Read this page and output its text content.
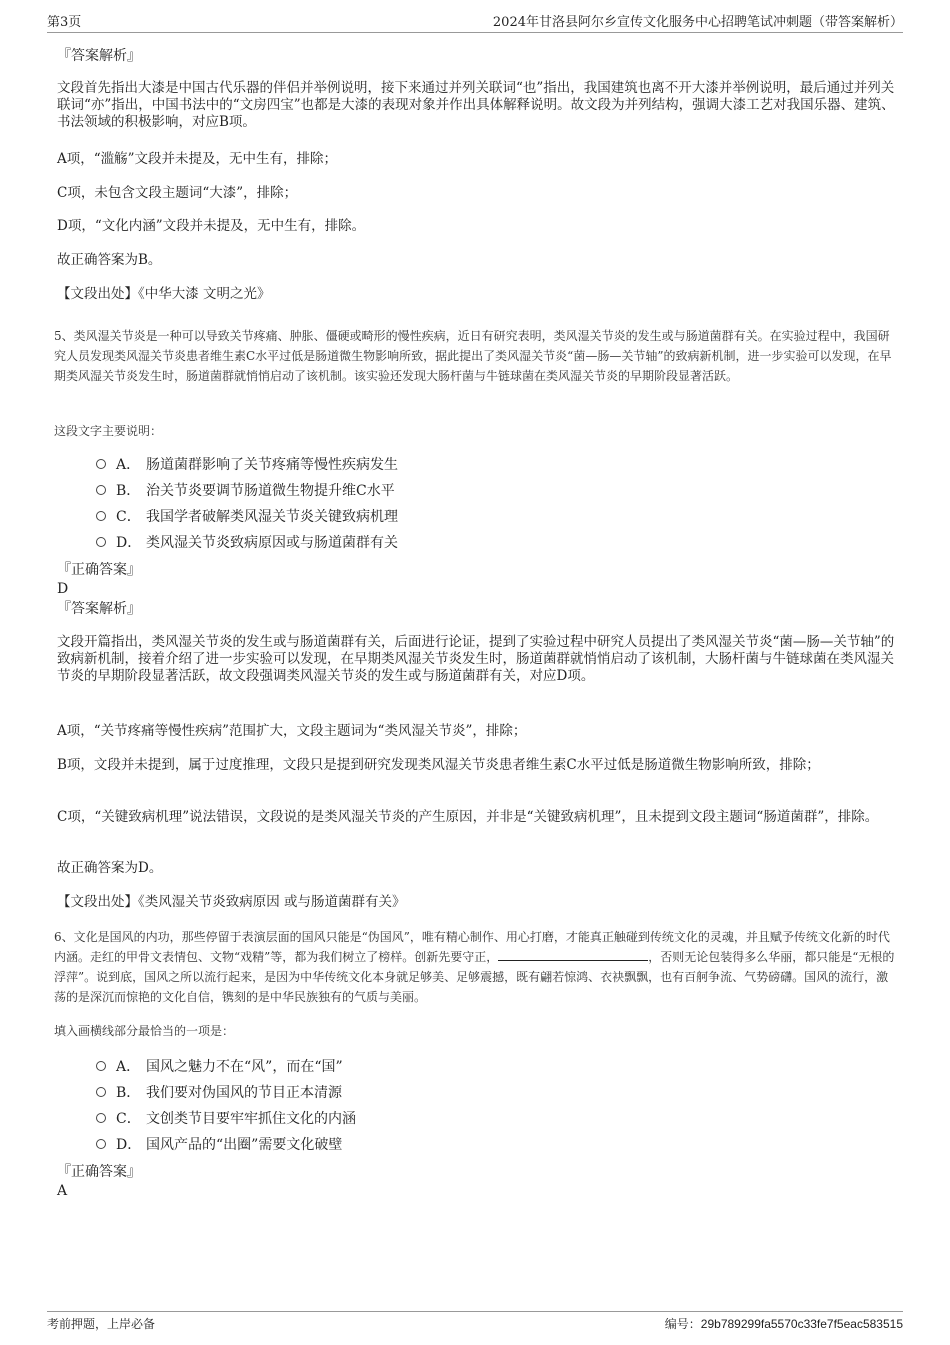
第3页	2024年甘洛县阿尔乡宣传文化服务中心招聘笔试冲刺题（带答案解析）
『答案解析』
文段首先指出大漆是中国古代乐器的伴侣并举例说明，接下来通过并列关联词“也”指出，我国建筑也离不开大漆并举例说明，最后通过并列关联词“亦”指出，中国书法中的“文房四宝”也都是大漆的表现对象并作出具体解释说明。故文段为并列结构，强调大漆工艺对我国乐器、建筑、书法领域的积极影响，对应B项。
A项，“滥觞”文段并未提及，无中生有，排除；
C项，未包含文段主题词“大漆”，排除；
D项，“文化内涵”文段并未提及，无中生有，排除。
故正确答案为B。
【文段出处】《中华大漆 文明之光》
5、类风湿关节炎是一种可以导致关节疼痛、肿胀、僵硬或畸形的慢性疾病，近日有研究表明，类风湿关节炎的发生或与肠道菌群有关。在实验过程中，我国研究人员发现类风湿关节炎患者维生素C水平过低是肠道微生物影响所致，据此提出了类风湿关节炎“菌—肠—关节轴”的致病新机制，进一步实验可以发现，在早期类风湿关节炎发生时，肠道菌群就悄悄启动了该机制。该实验还发现大肠杆菌与牛链球菌在类风湿关节炎的早期阶段显著活跃。
这段文字主要说明：
A． 肠道菌群影响了关节疼痛等慢性疾病发生
B． 治关节炎要调节肠道微生物提升维C水平
C． 我国学者破解类风湿关节炎关键致病机理
D． 类风湿关节炎致病原因或与肠道菌群有关
『正确答案』
D
『答案解析』
文段开篇指出，类风湿关节炎的发生或与肠道菌群有关，后面进行论证，提到了实验过程中研究人员提出了类风湿关节炎“菌—肠—关节轴”的致病新机制，接着介绍了进一步实验可以发现，在早期类风湿关节炎发生时，肠道菌群就悄悄启动了该机制，大肠杆菌与牛链球菌在类风湿关节炎的早期阶段显著活跃，故文段强调类风湿关节炎的发生或与肠道菌群有关，对应D项。
A项，“关节疼痛等慢性疾病”范围扩大，文段主题词为“类风湿关节炎”，排除；
B项，文段并未提到，属于过度推理，文段只是提到研究发现类风湿关节炎患者维生素C水平过低是肠道微生物影响所致，排除；
C项，“关键致病机理”说法错误，文段说的是类风湿关节炎的产生原因，并非是“关键致病机理”，且未提到文段主题词“肠道菌群”，排除。
故正确答案为D。
【文段出处】《类风湿关节炎致病原因 或与肠道菌群有关》
6、文化是国风的内功，那些停留于表演层面的国风只能是“伪国风”，唯有精心制作、用心打磨，才能真正触碰到传统文化的灵魂，并且赋予传统文化新的时代内涵。走红的甲骨文表情包、文物“戏精”等，都为我们树立了榜样。创新先要守正，	，否则无论包装得多么华丽，都只能是“无根的浮萍”。说到底，国风之所以流行起来，是因为中华传统文化本身就足够美、足够震撼，既有翩若惊鸿、衣袂飘飘，也有百舸争流、气势磅礴。国风的流行，激荡的是深沉而惊艳的文化自信，镌刻的是中华民族独有的气质与美丽。
填入画横线部分最恰当的一项是：
A． 国风之魅力不在“风”，而在“国”
B． 我们要对伪国风的节目正本清源
C． 文创类节目要牢牢抓住文化的内涵
D． 国风产品的“出圈”需要文化破壁
『正确答案』
A
考前押题，上岸必备	编号：29b789299fa5570c33fe7f5eac583515
